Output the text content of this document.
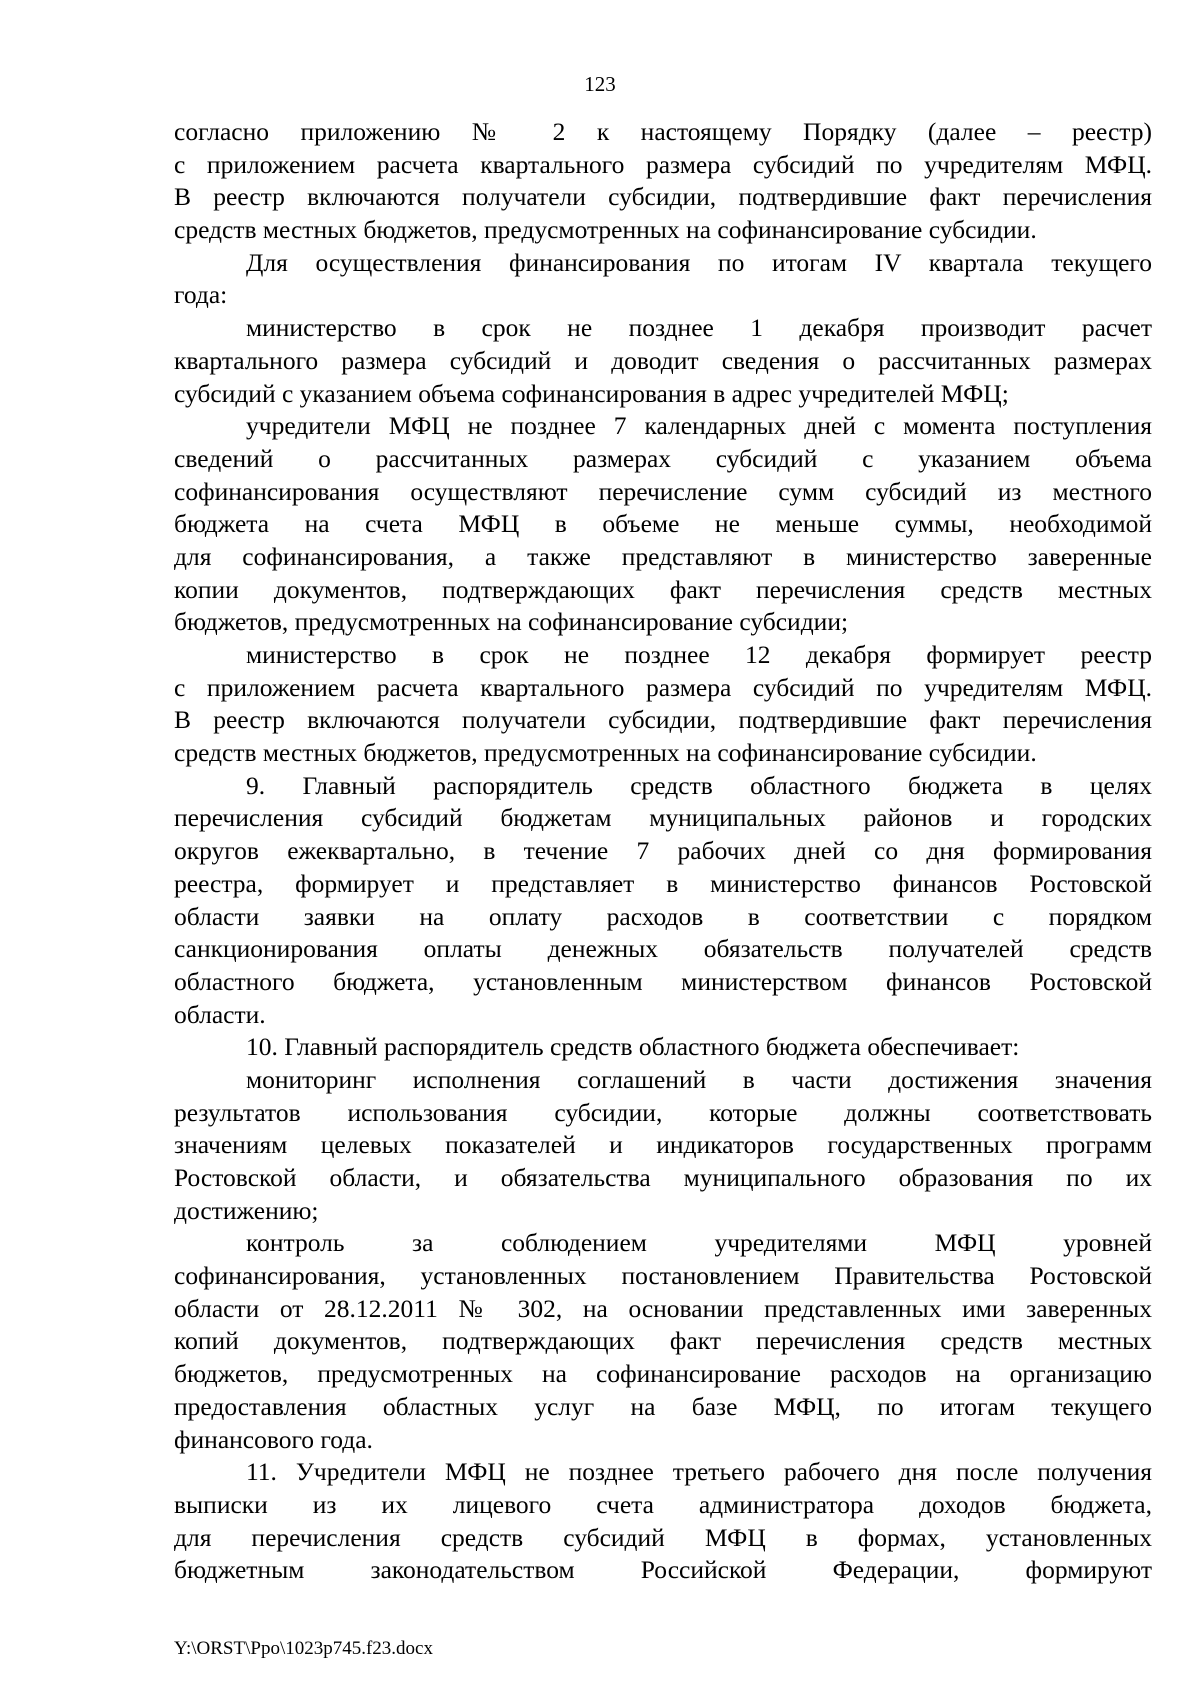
123
согласно приложению № 2 к настоящему Порядку (далее – реестр)
с приложением расчета квартального размера субсидий по учредителям МФЦ.
В реестр включаются получатели субсидии, подтвердившие факт перечисления
средств местных бюджетов, предусмотренных на софинансирование субсидии.
Для осуществления финансирования по итогам IV квартала текущего
года:
министерство в срок не позднее 1 декабря производит расчет
квартального размера субсидий и доводит сведения о рассчитанных размерах
субсидий с указанием объема софинансирования в адрес учредителей МФЦ;
учредители МФЦ не позднее 7 календарных дней с момента поступления
сведений о рассчитанных размерах субсидий с указанием объема
софинансирования осуществляют перечисление сумм субсидий из местного
бюджета на счета МФЦ в объеме не меньше суммы, необходимой
для софинансирования, а также представляют в министерство заверенные
копии документов, подтверждающих факт перечисления средств местных
бюджетов, предусмотренных на софинансирование субсидии;
министерство в срок не позднее 12 декабря формирует реестр
с приложением расчета квартального размера субсидий по учредителям МФЦ.
В реестр включаются получатели субсидии, подтвердившие факт перечисления
средств местных бюджетов, предусмотренных на софинансирование субсидии.
9. Главный распорядитель средств областного бюджета в целях
перечисления субсидий бюджетам муниципальных районов и городских
округов ежеквартально, в течение 7 рабочих дней со дня формирования
реестра, формирует и представляет в министерство финансов Ростовской
области заявки на оплату расходов в соответствии с порядком
санкционирования оплаты денежных обязательств получателей средств
областного бюджета, установленным министерством финансов Ростовской
области.
10. Главный распорядитель средств областного бюджета обеспечивает:
мониторинг исполнения соглашений в части достижения значения
результатов использования субсидии, которые должны соответствовать
значениям целевых показателей и индикаторов государственных программ
Ростовской области, и обязательства муниципального образования по их
достижению;
контроль за соблюдением учредителями МФЦ уровней
софинансирования, установленных постановлением Правительства Ростовской
области от 28.12.2011 № 302, на основании представленных ими заверенных
копий документов, подтверждающих факт перечисления средств местных
бюджетов, предусмотренных на софинансирование расходов на организацию
предоставления областных услуг на базе МФЦ, по итогам текущего
финансового года.
11. Учредители МФЦ не позднее третьего рабочего дня после получения
выписки из их лицевого счета администратора доходов бюджета,
для перечисления средств субсидий МФЦ в формах, установленных
бюджетным законодательством Российской Федерации, формируют
Y:\ORST\Ppo\1023p745.f23.docx
